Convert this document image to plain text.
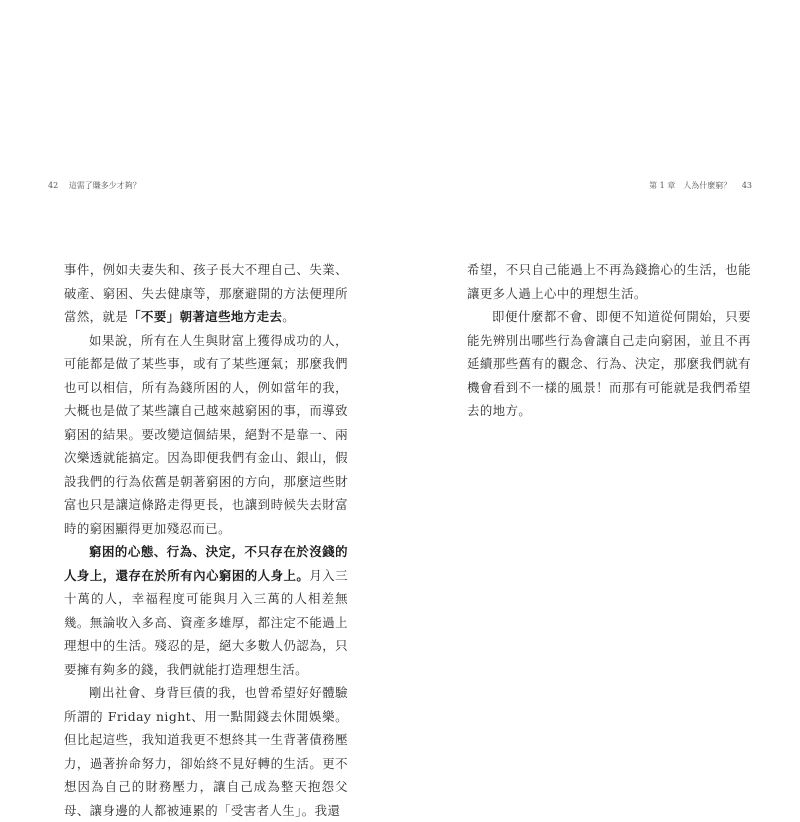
42 這需了賺多少才夠？	第 1 章　人為什麼窮？ 43

事件，例如夫妻失和、孩子長大不理自己、失業、破產、窮困、失去健康等，那麼避開的方法便理所當然，就是「不要」朝著這些地方走去。

如果說，所有在人生與財富上獲得成功的人，可能都是做了某些事，或有了某些運氣；那麼我們也可以相信，所有為錢所困的人，例如當年的我，大概也是做了某些讓自己越來越窮困的事，而導致窮困的結果。要改變這個結果，絕對不是靠一、兩次樂透就能搞定。因為即便我們有金山、銀山，假設我們的行為依舊是朝著窮困的方向，那麼這些財富也只是讓這條路走得更長，也讓到時候失去財富時的窮困顯得更加殘忍而已。

窮困的心態、行為、決定，不只存在於沒錢的人身上，還存在於所有內心窮困的人身上。月入三十萬的人，幸福程度可能與月入三萬的人相差無幾。無論收入多高、資產多雄厚，都注定不能過上理想中的生活。殘忍的是，絕大多數人仍認為，只要擁有夠多的錢，我們就能打造理想生活。

剛出社會、身背巨債的我，也曾希望好好體驗所謂的 Friday night、用一點閒錢去休閒娛樂。但比起這些，我知道我更不想終其一生背著債務壓力，過著拚命努力，卻始終不見好轉的生活。更不想因為自己的財務壓力，讓自己成為整天抱怨父母、讓身邊的人都被連累的「受害者人生」。我還

希望，不只自己能過上不再為錢擔心的生活，也能讓更多人過上心中的理想生活。

即便什麼都不會、即便不知道從何開始，只要能先辨別出哪些行為會讓自己走向窮困，並且不再延續那些舊有的觀念、行為、決定，那麼我們就有機會看到不一樣的風景！而那有可能就是我們希望去的地方。
